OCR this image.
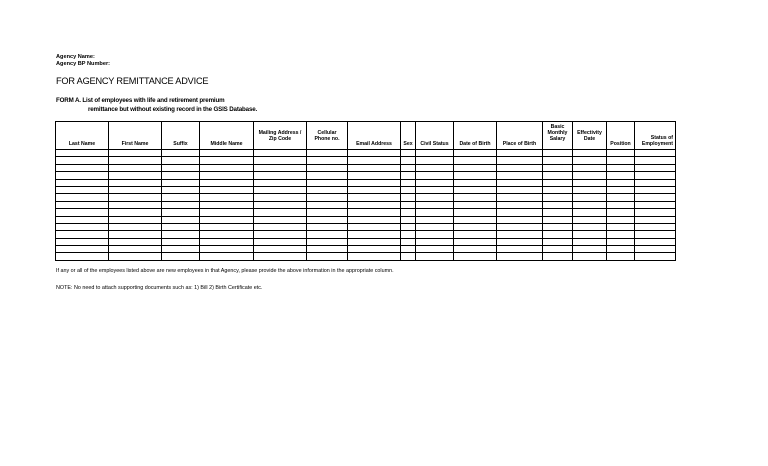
Agency Name:
Agency BP Number:
FOR AGENCY REMITTANCE ADVICE
FORM A. List of employees with life and retirement premium
remittance but without existing record in the GSIS Database.
Last Name	First Name	Suffix	Middle Name	Mailing Address / Zip Code	Cellular Phone no.	Email Address	Sex	Civil Status	Date of Birth	Place of Birth	Basic Monthly Salary	Effectivity Date	Position	Status of Employment

If any or all of the employees listed above are new employees in that Agency, please provide the above information in the appropriate column.
NOTE: No need to attach supporting documents such as: 1) Bill 2) Birth Certificate etc.
